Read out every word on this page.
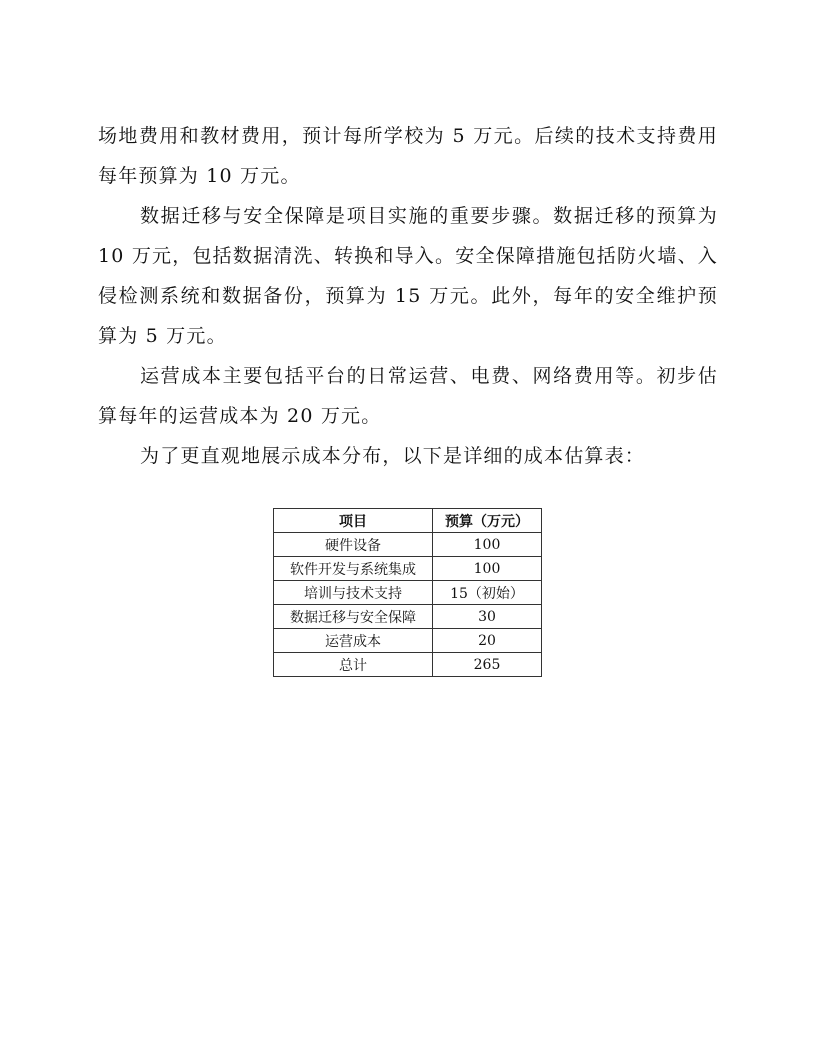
场地费用和教材费用，预计每所学校为 5 万元。后续的技术支持费用每年预算为 10 万元。

数据迁移与安全保障是项目实施的重要步骤。数据迁移的预算为 10 万元，包括数据清洗、转换和导入。安全保障措施包括防火墙、入侵检测系统和数据备份，预算为 15 万元。此外，每年的安全维护预算为 5 万元。

运营成本主要包括平台的日常运营、电费、网络费用等。初步估算每年的运营成本为 20 万元。

为了更直观地展示成本分布，以下是详细的成本估算表：

项目	预算（万元）
硬件设备	100
软件开发与系统集成	100
培训与技术支持	15（初始）
数据迁移与安全保障	30
运营成本	20
总计	265
